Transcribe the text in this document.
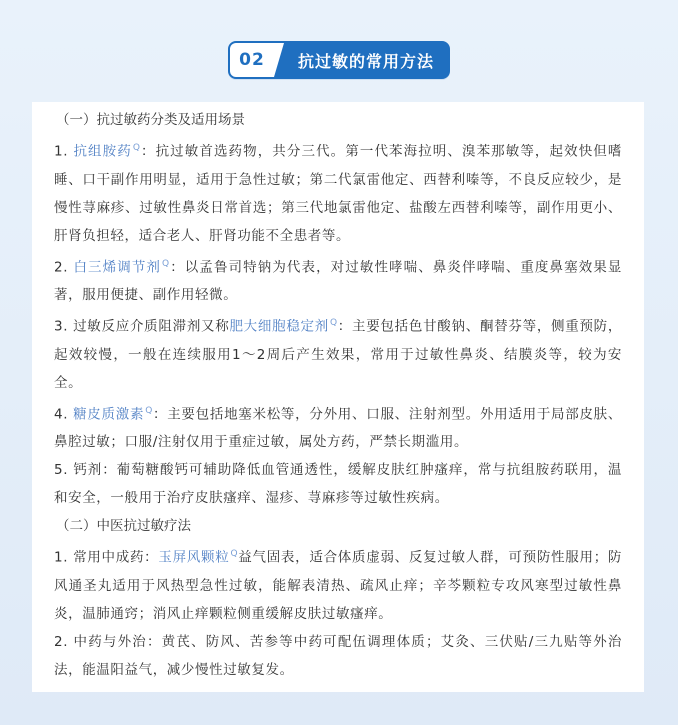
02	抗过敏的常用方法

（一）抗过敏药分类及适用场景

1. 抗组胺药$^Q$：抗过敏首选药物，共分三代。第一代苯海拉明、溴苯那敏等，起效快但嗜睡、口干副作用明显，适用于急性过敏；第二代氯雷他定、西替利嗪等，不良反应较少，是慢性荨麻疹、过敏性鼻炎日常首选；第三代地氯雷他定、盐酸左西替利嗪等，副作用更小、肝肾负担轻，适合老人、肝肾功能不全患者等。

2. 白三烯调节剂$^Q$：以孟鲁司特钠为代表，对过敏性哮喘、鼻炎伴哮喘、重度鼻塞效果显著，服用便捷、副作用轻微。

3. 过敏反应介质阻滞剂又称肥大细胞稳定剂$^Q$：主要包括色甘酸钠、酮替芬等，侧重预防，起效较慢，一般在连续服用1～2周后产生效果，常用于过敏性鼻炎、结膜炎等，较为安全。

4. 糖皮质激素$^Q$：主要包括地塞米松等，分外用、口服、注射剂型。外用适用于局部皮肤、鼻腔过敏；口服/注射仅用于重症过敏，属处方药，严禁长期滥用。

5. 钙剂：葡萄糖酸钙可辅助降低血管通透性，缓解皮肤红肿瘙痒，常与抗组胺药联用，温和安全，一般用于治疗皮肤瘙痒、湿疹、荨麻疹等过敏性疾病。

（二）中医抗过敏疗法

1. 常用中成药：玉屏风颗粒$^Q$益气固表，适合体质虚弱、反复过敏人群，可预防性服用；防风通圣丸适用于风热型急性过敏，能解表清热、疏风止痒；辛芩颗粒专攻风寒型过敏性鼻炎，温肺通窍；消风止痒颗粒侧重缓解皮肤过敏瘙痒。

2. 中药与外治：黄芪、防风、苦参等中药可配伍调理体质；艾灸、三伏贴/三九贴等外治法，能温阳益气，减少慢性过敏复发。
